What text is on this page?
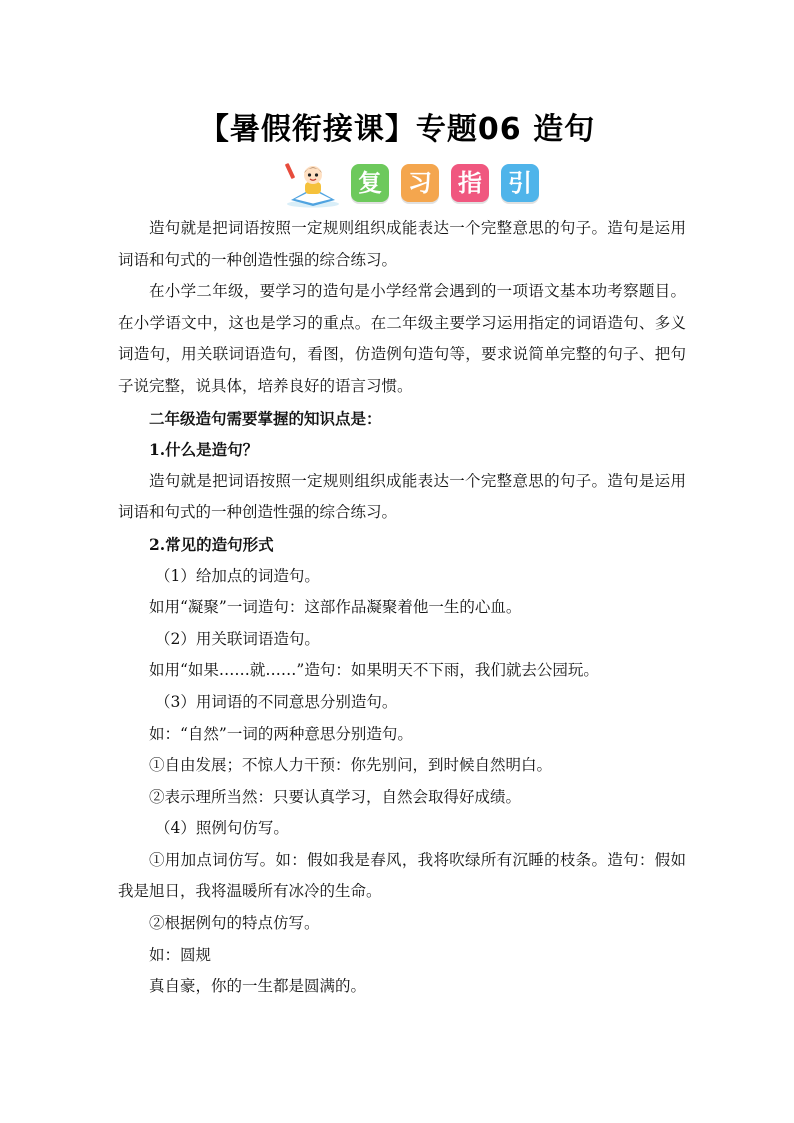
【暑假衔接课】专题06 造句
复 习 指 引

造句就是把词语按照一定规则组织成能表达一个完整意思的句子。造句是运用词语和句式的一种创造性强的综合练习。

在小学二年级，要学习的造句是小学经常会遇到的一项语文基本功考察题目。在小学语文中，这也是学习的重点。在二年级主要学习运用指定的词语造句、多义词造句，用关联词语造句，看图，仿造例句造句等，要求说简单完整的句子、把句子说完整，说具体，培养良好的语言习惯。

二年级造句需要掌握的知识点是：

1.什么是造句？

造句就是把词语按照一定规则组织成能表达一个完整意思的句子。造句是运用词语和句式的一种创造性强的综合练习。

2.常见的造句形式

（1）给加点的词造句。

如用“凝聚”一词造句：这部作品凝聚着他一生的心血。

（2）用关联词语造句。

如用“如果……就……”造句：如果明天不下雨，我们就去公园玩。

（3）用词语的不同意思分别造句。

如：“自然”一词的两种意思分别造句。

①自由发展；不惊人力干预：你先别问，到时候自然明白。

②表示理所当然：只要认真学习，自然会取得好成绩。

（4）照例句仿写。

①用加点词仿写。如：假如我是春风，我将吹绿所有沉睡的枝条。造句：假如我是旭日，我将温暖所有冰冷的生命。

②根据例句的特点仿写。

如：圆规

真自豪，你的一生都是圆满的。
